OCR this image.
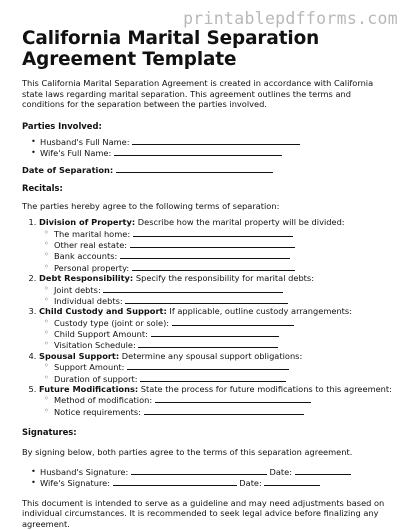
printablepdfforms.com
California Marital Separation Agreement Template

This California Marital Separation Agreement is created in accordance with California state laws regarding marital separation. This agreement outlines the terms and conditions for the separation between the parties involved.

Parties Involved:

• Husband's Full Name:
• Wife's Full Name:

Date of Separation:

Recitals:

The parties hereby agree to the following terms of separation:

1. Division of Property: Describe how the marital property will be divided:
◦ The marital home:
◦ Other real estate:
◦ Bank accounts:
◦ Personal property:
2. Debt Responsibility: Specify the responsibility for marital debts:
◦ Joint debts:
◦ Individual debts:
3. Child Custody and Support: If applicable, outline custody arrangements:
◦ Custody type (joint or sole):
◦ Child Support Amount:
◦ Visitation Schedule:
4. Spousal Support: Determine any spousal support obligations:
◦ Support Amount:
◦ Duration of support:
5. Future Modifications: State the process for future modifications to this agreement:
◦ Method of modification:
◦ Notice requirements:

Signatures:

By signing below, both parties agree to the terms of this separation agreement.

• Husband's Signature:	Date:
• Wife's Signature:	Date:

This document is intended to serve as a guideline and may need adjustments based on individual circumstances. It is recommended to seek legal advice before finalizing any agreement.
